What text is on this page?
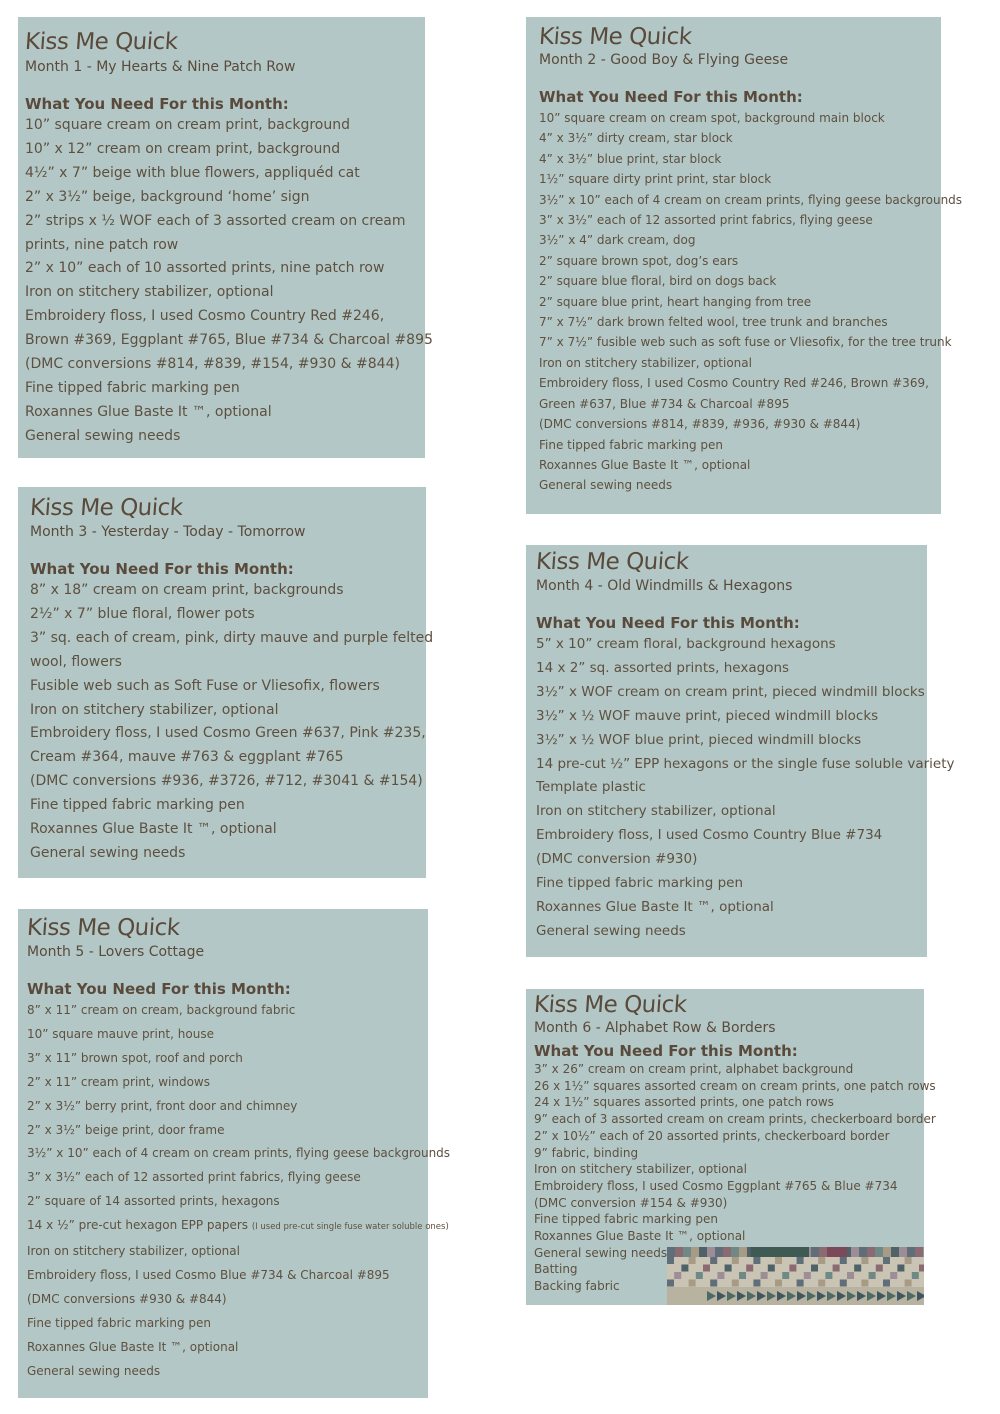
Kiss Me Quick
Month 1 - My Hearts & Nine Patch Row
What You Need For this Month:
10” square cream on cream print, background
10” x 12” cream on cream print, background
4½” x 7” beige with blue flowers, appliquéd cat
2” x 3½” beige, background ‘home’ sign
2” strips x ½ WOF each of 3 assorted cream on cream
prints, nine patch row
2” x 10” each of 10 assorted prints, nine patch row
Iron on stitchery stabilizer, optional
Embroidery floss, I used Cosmo Country Red #246,
Brown #369, Eggplant #765, Blue #734 & Charcoal #895
(DMC conversions #814, #839, #154, #930 & #844)
Fine tipped fabric marking pen
Roxannes Glue Baste It ™, optional
General sewing needs
Kiss Me Quick
Month 2 - Good Boy & Flying Geese
What You Need For this Month:
10” square cream on cream spot, background main block
4” x 3½” dirty cream, star block
4” x 3½” blue print, star block
1½” square dirty print print, star block
3½” x 10” each of 4 cream on cream prints, flying geese backgrounds
3” x 3½” each of 12 assorted print fabrics, flying geese
3½” x 4” dark cream, dog
2” square brown spot, dog’s ears
2” square blue floral, bird on dogs back
2” square blue print, heart hanging from tree
7” x 7½” dark brown felted wool, tree trunk and branches
7” x 7½” fusible web such as soft fuse or Vliesofix, for the tree trunk
Iron on stitchery stabilizer, optional
Embroidery floss, I used Cosmo Country Red #246, Brown #369,
Green #637, Blue #734 & Charcoal #895
(DMC conversions #814, #839, #936, #930 & #844)
Fine tipped fabric marking pen
Roxannes Glue Baste It ™, optional
General sewing needs
Kiss Me Quick
Month 3 - Yesterday - Today - Tomorrow
What You Need For this Month:
8” x 18” cream on cream print, backgrounds
2½” x 7” blue floral, flower pots
3” sq. each of cream, pink, dirty mauve and purple felted
wool, flowers
Fusible web such as Soft Fuse or Vliesofix, flowers
Iron on stitchery stabilizer, optional
Embroidery floss, I used Cosmo Green #637, Pink #235,
Cream #364, mauve #763 & eggplant #765
(DMC conversions #936, #3726, #712, #3041 & #154)
Fine tipped fabric marking pen
Roxannes Glue Baste It ™, optional
General sewing needs
Kiss Me Quick
Month 4 - Old Windmills & Hexagons
What You Need For this Month:
5” x 10” cream floral, background hexagons
14 x 2” sq. assorted prints, hexagons
3½” x WOF cream on cream print, pieced windmill blocks
3½” x ½ WOF mauve print, pieced windmill blocks
3½” x ½ WOF blue print, pieced windmill blocks
14 pre-cut ½” EPP hexagons or the single fuse soluble variety
Template plastic
Iron on stitchery stabilizer, optional
Embroidery floss, I used Cosmo Country Blue #734
(DMC conversion #930)
Fine tipped fabric marking pen
Roxannes Glue Baste It ™, optional
General sewing needs
Kiss Me Quick
Month 5 - Lovers Cottage
What You Need For this Month:
8” x 11” cream on cream, background fabric
10” square mauve print, house
3” x 11” brown spot, roof and porch
2” x 11” cream print, windows
2” x 3½” berry print, front door and chimney
2” x 3½” beige print, door frame
3½” x 10” each of 4 cream on cream prints, flying geese backgrounds
3” x 3½” each of 12 assorted print fabrics, flying geese
2” square of 14 assorted prints, hexagons
14 x ½” pre-cut hexagon EPP papers (I used pre-cut single fuse water soluble ones)
Iron on stitchery stabilizer, optional
Embroidery floss, I used Cosmo Blue #734 & Charcoal #895
(DMC conversions #930 & #844)
Fine tipped fabric marking pen
Roxannes Glue Baste It ™, optional
General sewing needs
Kiss Me Quick
Month 6 - Alphabet Row & Borders
What You Need For this Month:
3” x 26” cream on cream print, alphabet background
26 x 1½” squares assorted cream on cream prints, one patch rows
24 x 1½” squares assorted prints, one patch rows
9” each of 3 assorted cream on cream prints, checkerboard border
2” x 10½” each of 20 assorted prints, checkerboard border
9” fabric, binding
Iron on stitchery stabilizer, optional
Embroidery floss, I used Cosmo Eggplant #765 & Blue #734
(DMC conversion #154 & #930)
Fine tipped fabric marking pen
Roxannes Glue Baste It ™, optional
General sewing needs
Batting
Backing fabric
